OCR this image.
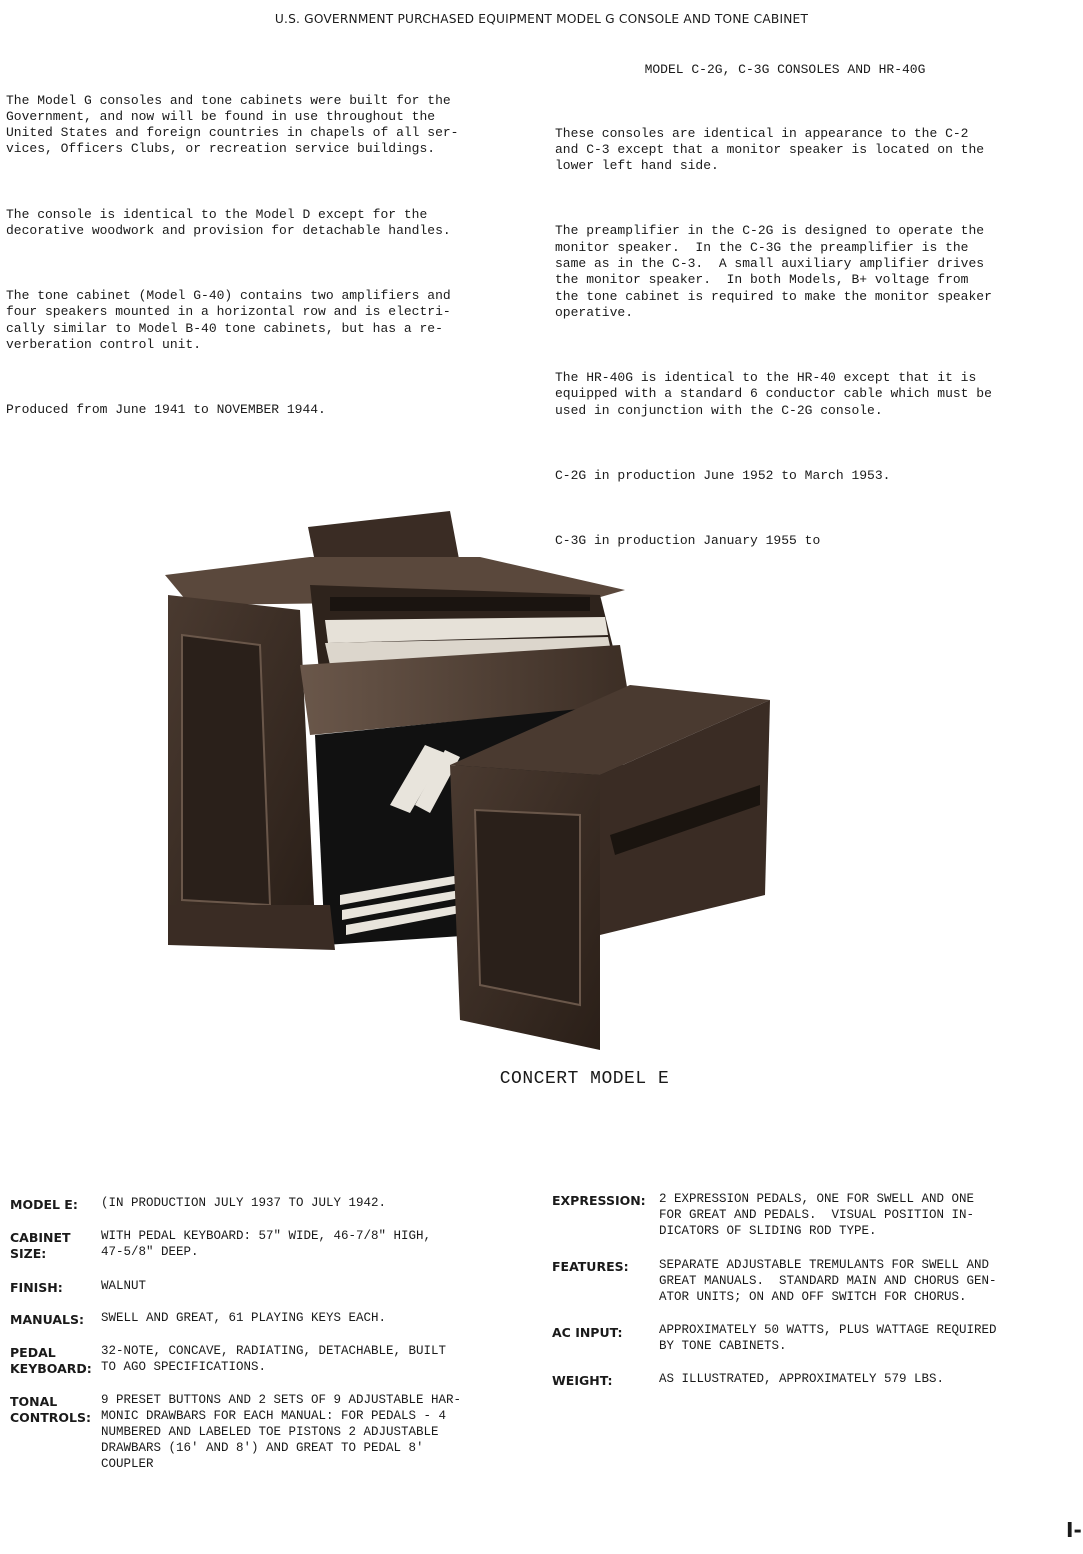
U.S. GOVERNMENT PURCHASED EQUIPMENT MODEL G CONSOLE AND TONE CABINET

The Model G consoles and tone cabinets were built for the
Government, and now will be found in use throughout the
United States and foreign countries in chapels of all ser-
vices, Officers Clubs, or recreation service buildings.

The console is identical to the Model D except for the
decorative woodwork and provision for detachable handles.

The tone cabinet (Model G-40) contains two amplifiers and
four speakers mounted in a horizontal row and is electri-
cally similar to Model B-40 tone cabinets, but has a re-
verberation control unit.

Produced from June 1941 to NOVEMBER 1944.

MODEL C-2G, C-3G CONSOLES AND HR-40G

These consoles are identical in appearance to the C-2
and C-3 except that a monitor speaker is located on the
lower left hand side.

The preamplifier in the C-2G is designed to operate the
monitor speaker.  In the C-3G the preamplifier is the
same as in the C-3.  A small auxiliary amplifier drives
the monitor speaker.  In both Models, B+ voltage from
the tone cabinet is required to make the monitor speaker
operative.

The HR-40G is identical to the HR-40 except that it is
equipped with a standard 6 conductor cable which must be
used in conjunction with the C-2G console.

C-2G in production June 1952 to March 1953.

C-3G in production January 1955 to

CONCERT MODEL E
MODEL E: (IN PRODUCTION JULY 1937 TO JULY 1942.
CABINET
SIZE:
WITH PEDAL KEYBOARD: 57" WIDE, 46-7/8" HIGH,
47-5/8" DEEP.
FINISH:	WALNUT
MANUALS: SWELL AND GREAT, 61 PLAYING KEYS EACH.
PEDAL
KEYBOARD:
32-NOTE, CONCAVE, RADIATING, DETACHABLE, BUILT
TO AGO SPECIFICATIONS.
TONAL
CONTROLS:
9 PRESET BUTTONS AND 2 SETS OF 9 ADJUSTABLE HAR-
MONIC DRAWBARS FOR EACH MANUAL: FOR PEDALS - 4
NUMBERED AND LABELED TOE PISTONS 2 ADJUSTABLE
DRAWBARS (16' AND 8') AND GREAT TO PEDAL 8'
COUPLER
EXPRESSION: 2 EXPRESSION PEDALS, ONE FOR SWELL AND ONE
FOR GREAT AND PEDALS.  VISUAL POSITION IN-
DICATORS OF SLIDING ROD TYPE.
FEATURES: SEPARATE ADJUSTABLE TREMULANTS FOR SWELL AND
GREAT MANUALS.  STANDARD MAIN AND CHORUS GEN-
ATOR UNITS; ON AND OFF SWITCH FOR CHORUS.
AC INPUT:	APPROXIMATELY 50 WATTS, PLUS WATTAGE REQUIRED
BY TONE CABINETS.
WEIGHT:	AS ILLUSTRATED, APPROXIMATELY 579 LBS.
I-
